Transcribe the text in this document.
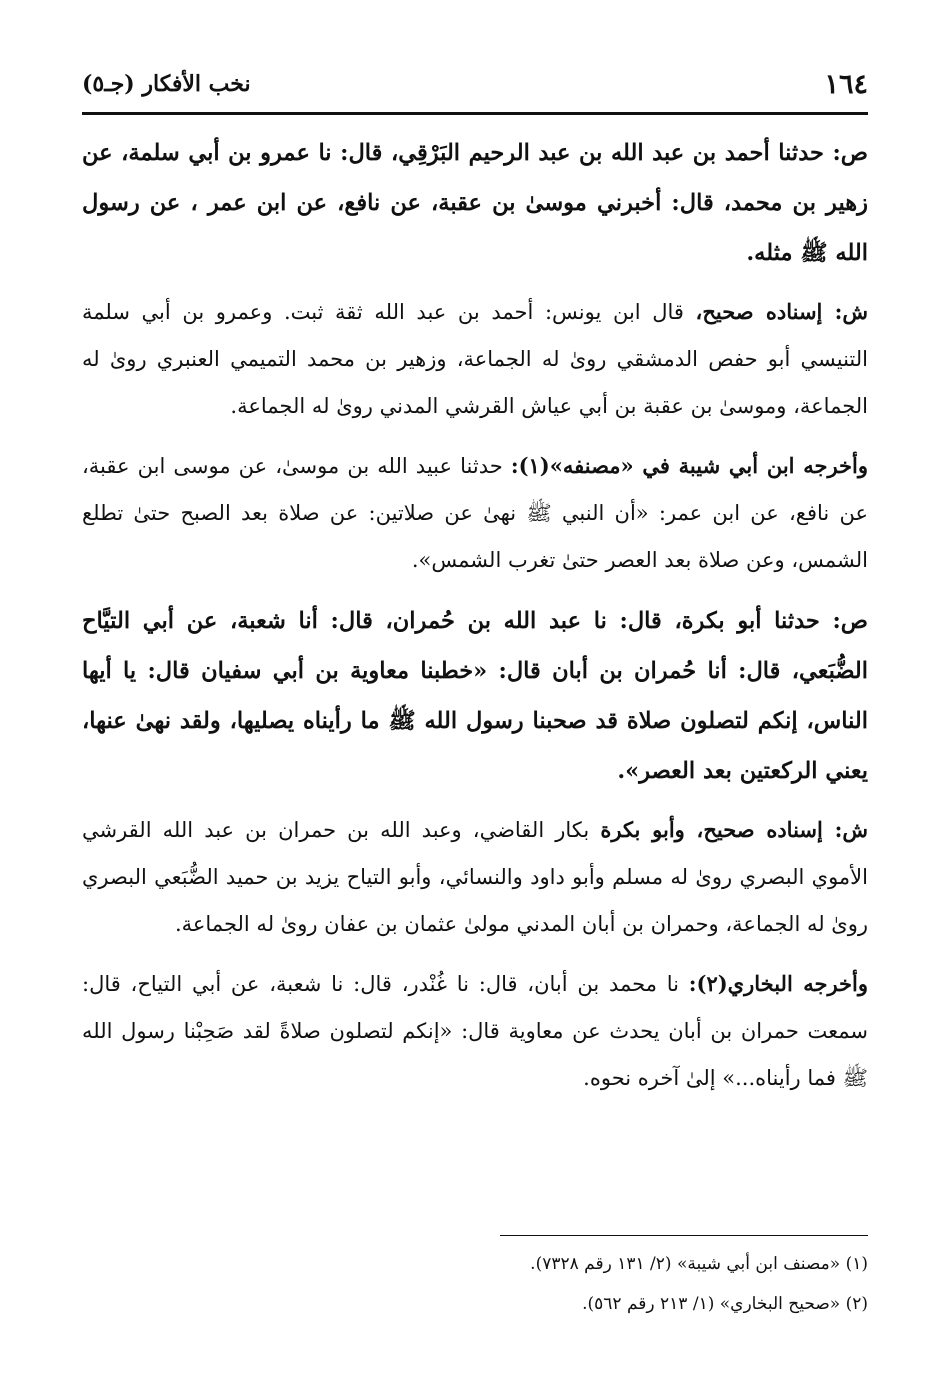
١٦٤
نخب الأفكار (جـ٥)

ص: حدثنا أحمد بن عبد الله بن عبد الرحيم البَرْقِي، قال: نا عمرو بن أبي سلمة، عن زهير بن محمد، قال: أخبرني موسىٰ بن عقبة، عن نافع، عن ابن عمر ، عن رسول الله ﷺ مثله.

ش: إسناده صحيح، قال ابن يونس: أحمد بن عبد الله ثقة ثبت. وعمرو بن أبي سلمة التنيسي أبو حفص الدمشقي روىٰ له الجماعة، وزهير بن محمد التميمي العنبري روىٰ له الجماعة، وموسىٰ بن عقبة بن أبي عياش القرشي المدني روىٰ له الجماعة.

وأخرجه ابن أبي شيبة في «مصنفه»(١): حدثنا عبيد الله بن موسىٰ، عن موسى ابن عقبة، عن نافع، عن ابن عمر: «أن النبي ﷺ نهىٰ عن صلاتين: عن صلاة بعد الصبح حتىٰ تطلع الشمس، وعن صلاة بعد العصر حتىٰ تغرب الشمس».

ص: حدثنا أبو بكرة، قال: نا عبد الله بن حُمران، قال: أنا شعبة، عن أبي التيَّاح الضُّبَعي، قال: أنا حُمران بن أبان قال: «خطبنا معاوية بن أبي سفيان قال: يا أيها الناس، إنكم لتصلون صلاة قد صحبنا رسول الله ﷺ ما رأيناه يصليها، ولقد نهىٰ عنها، يعني الركعتين بعد العصر».

ش: إسناده صحيح، وأبو بكرة بكار القاضي، وعبد الله بن حمران بن عبد الله القرشي الأموي البصري روىٰ له مسلم وأبو داود والنسائي، وأبو التياح يزيد بن حميد الضُّبَعي البصري روىٰ له الجماعة، وحمران بن أبان المدني مولىٰ عثمان بن عفان روىٰ له الجماعة.

وأخرجه البخاري(٢): نا محمد بن أبان، قال: نا غُنْدر، قال: نا شعبة، عن أبي التياح، قال: سمعت حمران بن أبان يحدث عن معاوية قال: «إنكم لتصلون صلاةً لقد صَحِبْنا رسول الله ﷺ فما رأيناه...» إلىٰ آخره نحوه.

(١) «مصنف ابن أبي شيبة» (٢/ ١٣١ رقم ٧٣٢٨).

(٢) «صحيح البخاري» (١/ ٢١٣ رقم ٥٦٢).
